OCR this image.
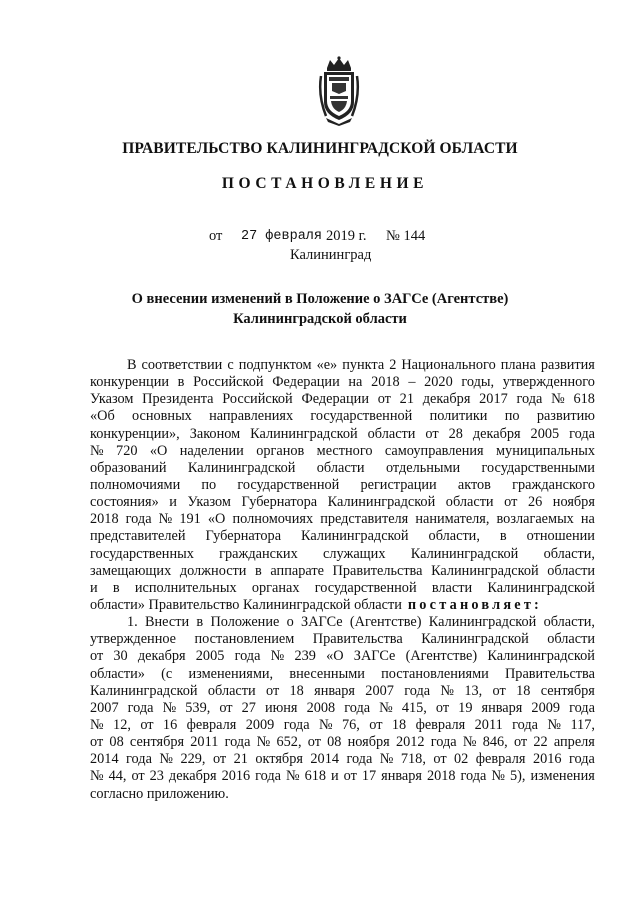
ПРАВИТЕЛЬСТВО КАЛИНИНГРАДСКОЙ ОБЛАСТИ
ПОСТАНОВЛЕНИЕ
от 27 февраля 2019 г. № 144
Калининград
О внесении изменений в Положение о ЗАГСе (Агентстве)
Калининградской области
В соответствии с подпунктом «е» пункта 2 Национального плана развития
конкуренции в Российской Федерации на 2018 – 2020 годы, утвержденного
Указом Президента Российской Федерации от 21 декабря 2017 года № 618
«Об основных направлениях государственной политики по развитию
конкуренции», Законом Калининградской области от 28 декабря 2005 года
№ 720 «О наделении органов местного самоуправления муниципальных
образований Калининградской области отдельными государственными
полномочиями по государственной регистрации актов гражданского
состояния» и Указом Губернатора Калининградской области от 26 ноября
2018 года № 191 «О полномочиях представителя нанимателя, возлагаемых на
представителей Губернатора Калининградской области, в отношении
государственных гражданских служащих Калининградской области,
замещающих должности в аппарате Правительства Калининградской области
и в исполнительных органах государственной власти Калининградской
области» Правительство Калининградской области постановляет:
1. Внести в Положение о ЗАГСе (Агентстве) Калининградской области,
утвержденное постановлением Правительства Калининградской области
от 30 декабря 2005 года № 239 «О ЗАГСе (Агентстве) Калининградской
области» (с изменениями, внесенными постановлениями Правительства
Калининградской области от 18 января 2007 года № 13, от 18 сентября
2007 года № 539, от 27 июня 2008 года № 415, от 19 января 2009 года
№ 12, от 16 февраля 2009 года № 76, от 18 февраля 2011 года № 117,
от 08 сентября 2011 года № 652, от 08 ноября 2012 года № 846, от 22 апреля
2014 года № 229, от 21 октября 2014 года № 718, от 02 февраля 2016 года
№ 44, от 23 декабря 2016 года № 618 и от 17 января 2018 года № 5), изменения
согласно приложению.
